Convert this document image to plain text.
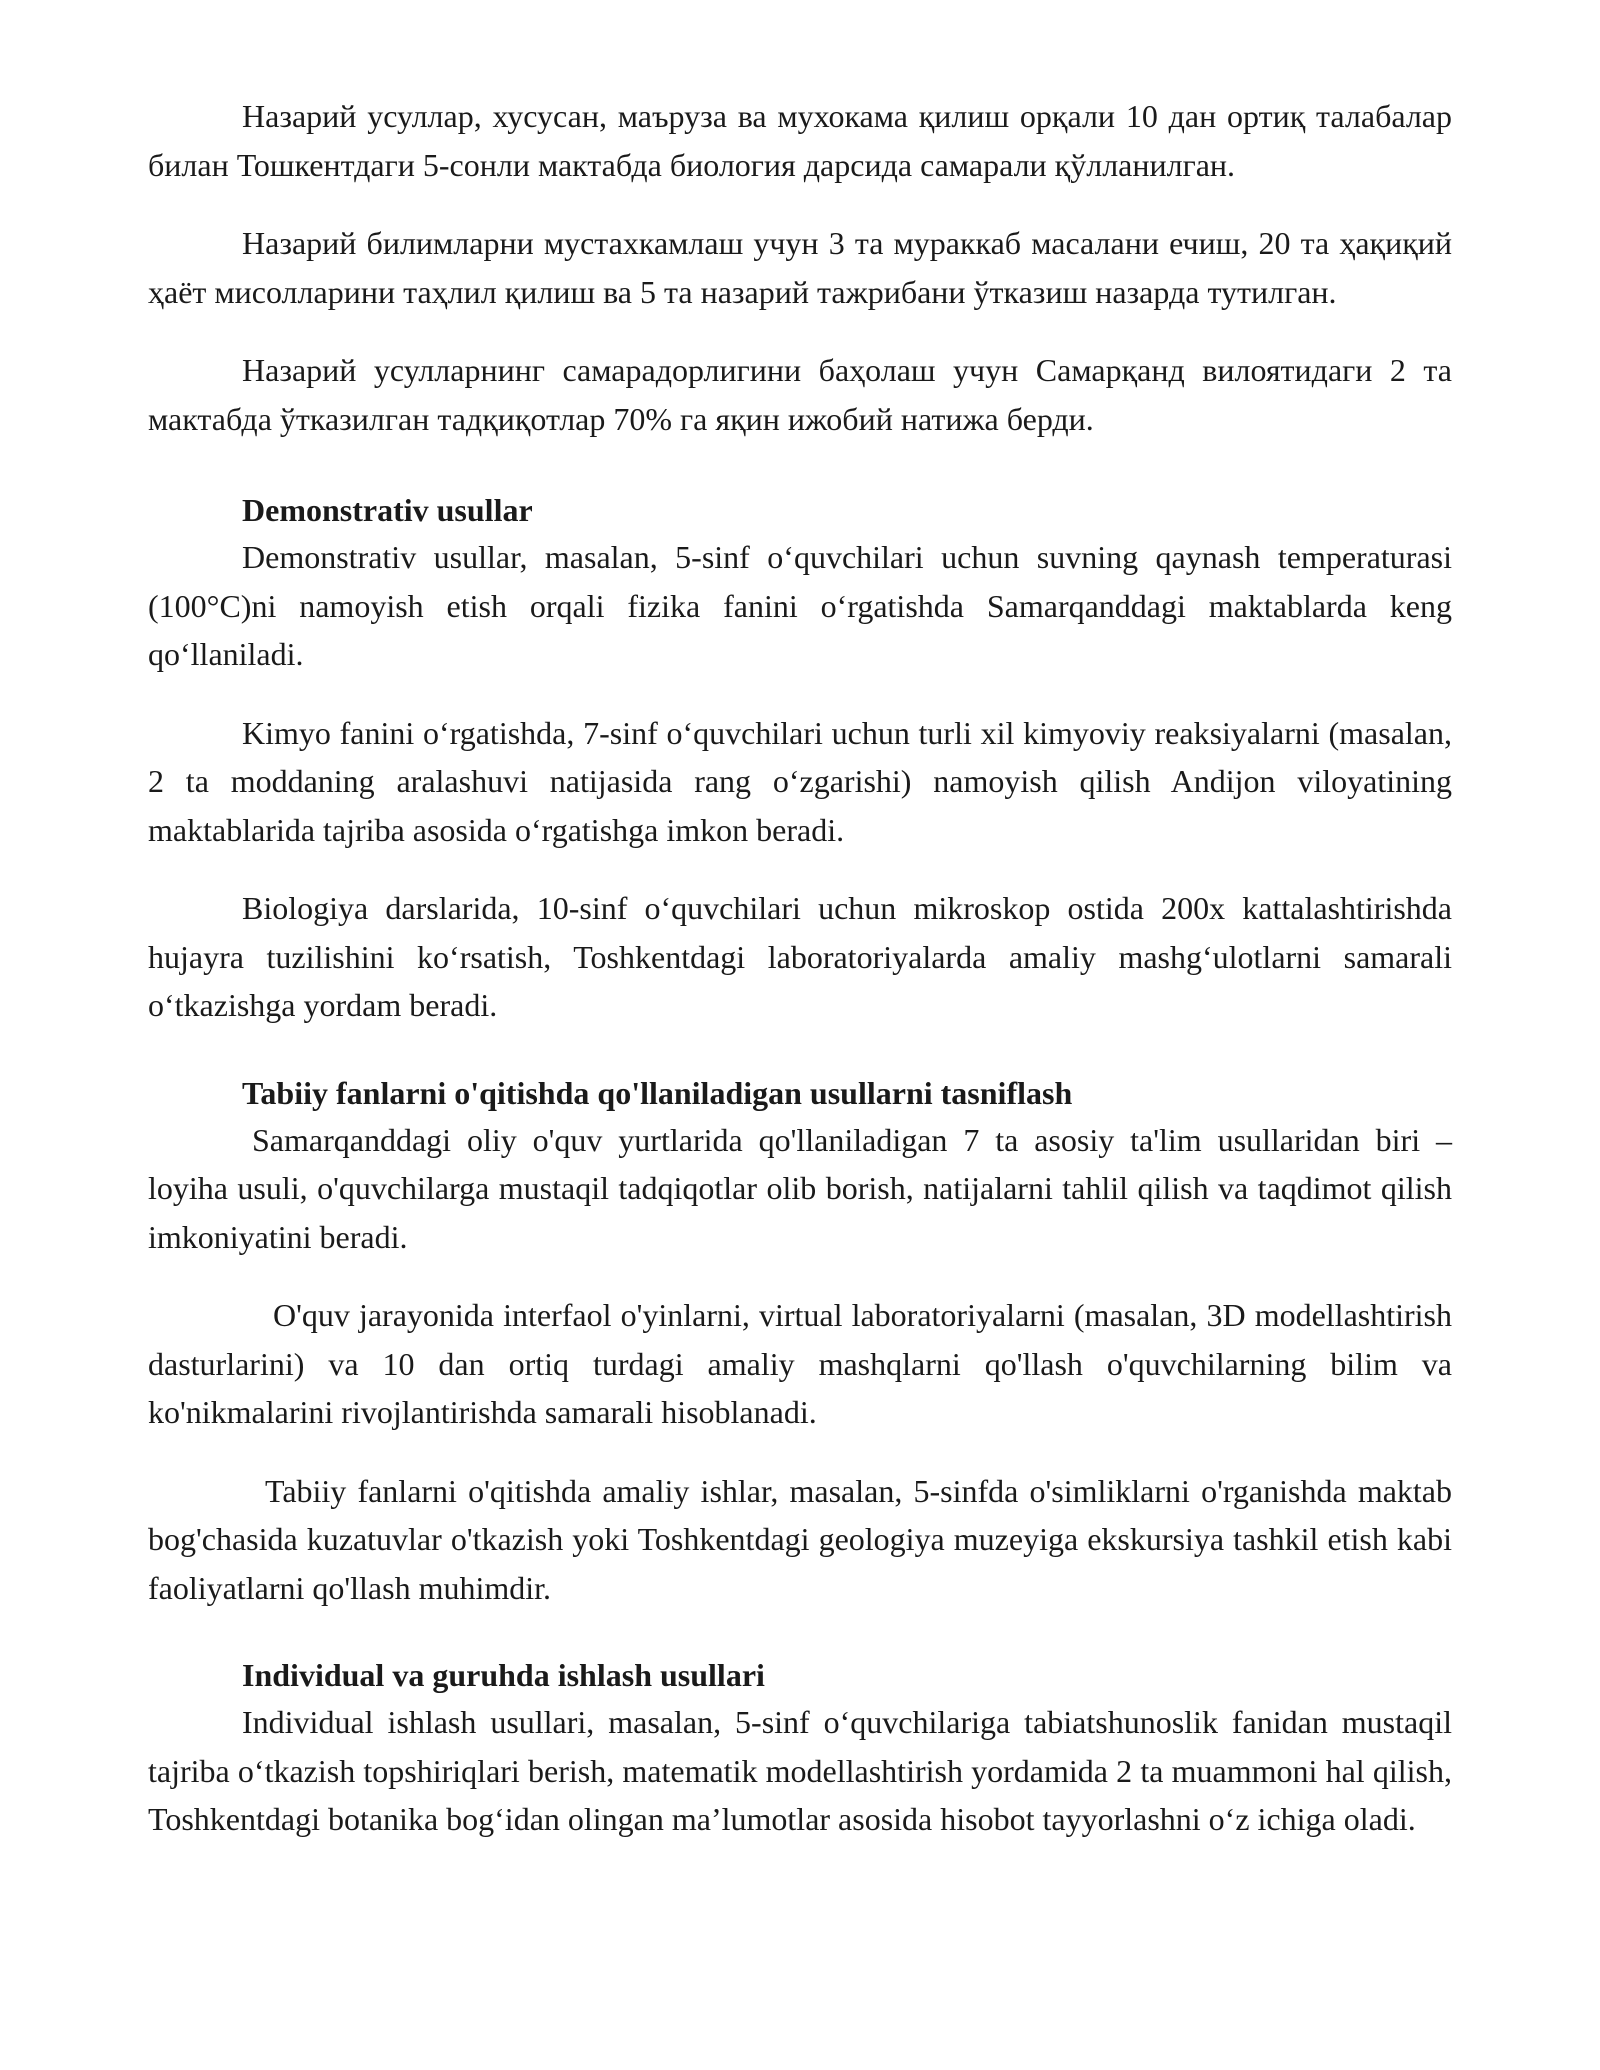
Назарий усуллар, хусусан, маърузa ва мухокама қилиш орқали 10 дан ортиқ талабалар билан Тошкентдаги 5-сонли мактабда биология дарсида самарали қўлланилган.

Назарий билимларни мустахкамлаш учун 3 та мураккаб масалани ечиш, 20 та ҳақиқий ҳаёт мисолларини таҳлил қилиш ва 5 та назарий тажрибани ўтказиш назарда тутилган.

Назарий усулларнинг самарадорлигини баҳолаш учун Самарқанд вилоятидаги 2 та мактабда ўтказилган тадқиқотлар 70% га яқин ижобий натижа берди.

Demonstrativ usullar

Demonstrativ usullar, masalan, 5-sinf oʻquvchilari uchun suvning qaynash temperaturasi (100°C)ni namoyish etish orqali fizika fanini oʻrgatishda Samarqanddagi maktablarda keng qoʻllaniladi.

Kimyo fanini oʻrgatishda, 7-sinf oʻquvchilari uchun turli xil kimyoviy reaksiyalarni (masalan, 2 ta moddaning aralashuvi natijasida rang oʻzgarishi) namoyish qilish Andijon viloyatining maktablarida tajriba asosida oʻrgatishga imkon beradi.

Biologiya darslarida, 10-sinf oʻquvchilari uchun mikroskop ostida 200x kattalashtirishda hujayra tuzilishini koʻrsatish, Toshkentdagi laboratoriyalarda amaliy mashgʻulotlarni samarali oʻtkazishga yordam beradi.

Tabiiy fanlarni o'qitishda qo'llaniladigan usullarni tasniflash

Samarqanddagi oliy o'quv yurtlarida qo'llaniladigan 7 ta asosiy ta'lim usullaridan biri – loyiha usuli, o'quvchilarga mustaqil tadqiqotlar olib borish, natijalarni tahlil qilish va taqdimot qilish imkoniyatini beradi.

O'quv jarayonida interfaol o'yinlarni, virtual laboratoriyalarni (masalan, 3D modellashtirish dasturlarini) va 10 dan ortiq turdagi amaliy mashqlarni qo'llash o'quvchilarning bilim va ko'nikmalarini rivojlantirishda samarali hisoblanadi.

Tabiiy fanlarni o'qitishda amaliy ishlar, masalan, 5-sinfda o'simliklarni o'rganishda maktab bog'chasida kuzatuvlar o'tkazish yoki Toshkentdagi geologiya muzeyiga ekskursiya tashkil etish kabi faoliyatlarni qo'llash muhimdir.

Individual va guruhda ishlash usullari

Individual ishlash usullari, masalan, 5-sinf oʻquvchilariga tabiatshunoslik fanidan mustaqil tajriba oʻtkazish topshiriqlari berish, matematik modellashtirish yordamida 2 ta muammoni hal qilish, Toshkentdagi botanika bogʻidan olingan maʼlumotlar asosida hisobot tayyorlashni oʻz ichiga oladi.
